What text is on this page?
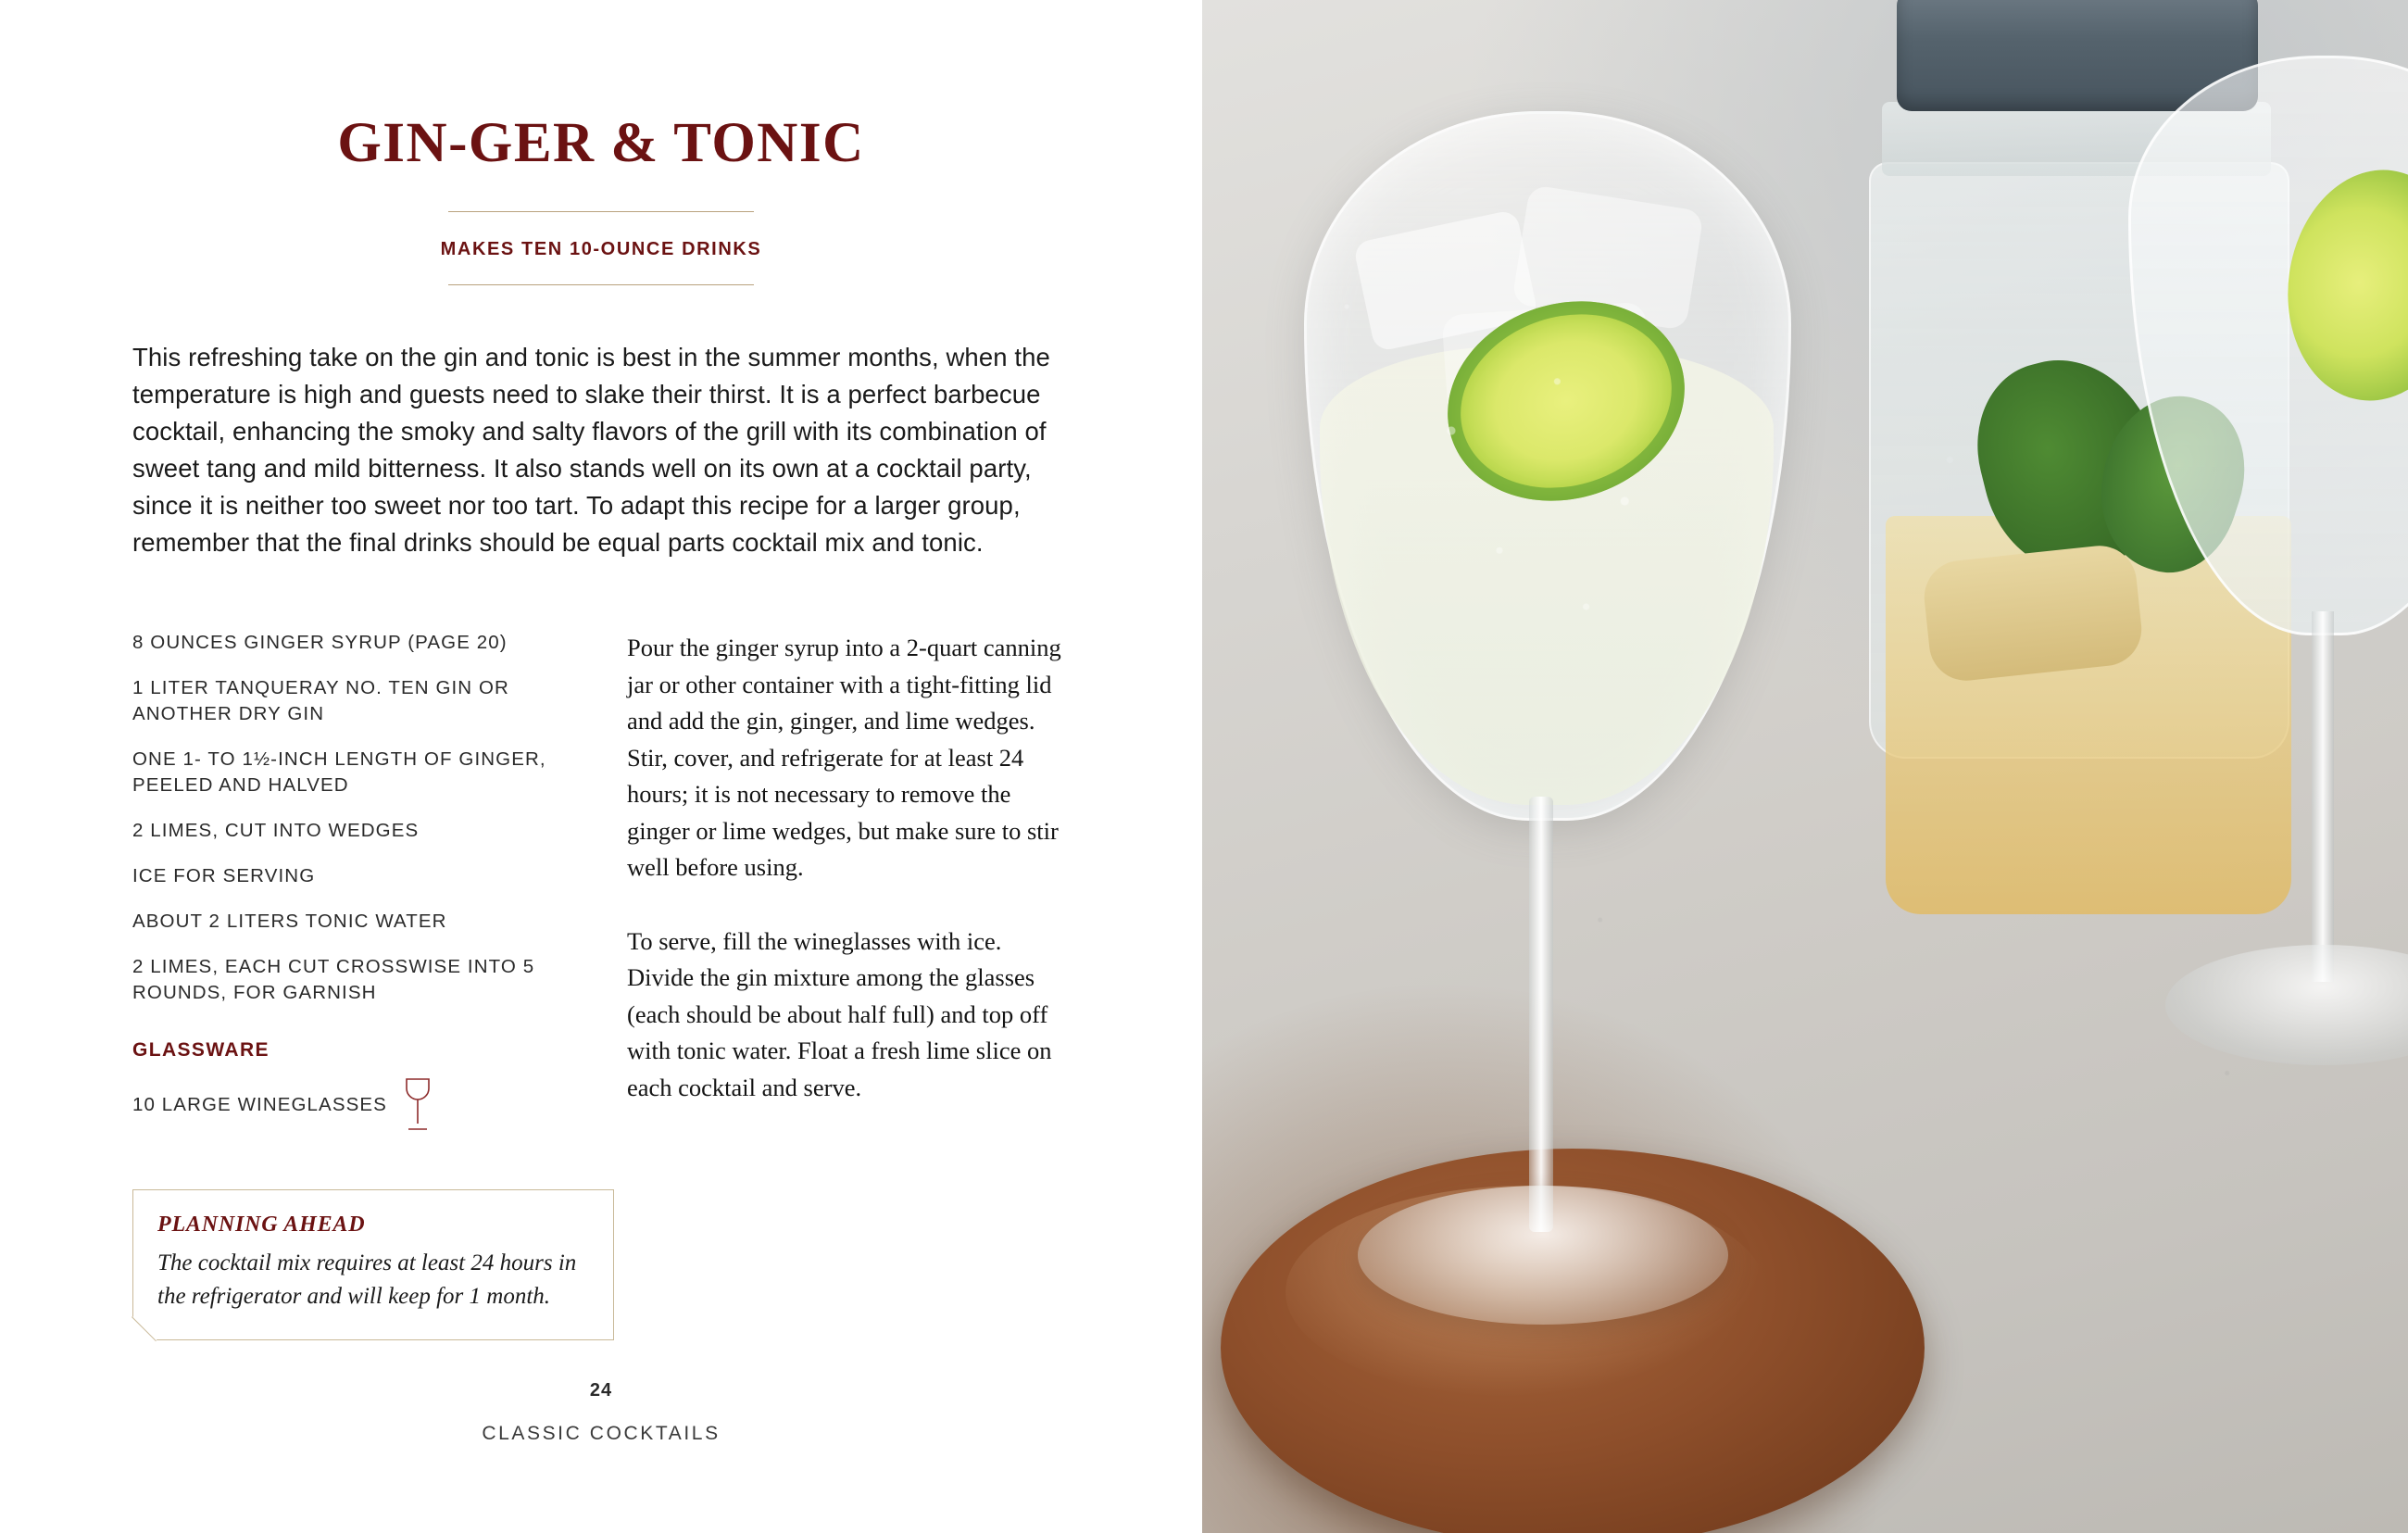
GIN-GER & TONIC
MAKES TEN 10-OUNCE DRINKS

This refreshing take on the gin and tonic is best in the summer months, when the temperature is high and guests need to slake their thirst. It is a perfect barbecue cocktail, enhancing the smoky and salty flavors of the grill with its combination of sweet tang and mild bitterness. It also stands well on its own at a cocktail party, since it is neither too sweet nor too tart. To adapt this recipe for a larger group, remember that the final drinks should be equal parts cocktail mix and tonic.

8 OUNCES GINGER SYRUP (PAGE 20)
1 LITER TANQUERAY NO. TEN GIN OR ANOTHER DRY GIN
ONE 1- TO 1½-INCH LENGTH OF GINGER, PEELED AND HALVED
2 LIMES, CUT INTO WEDGES
ICE FOR SERVING
ABOUT 2 LITERS TONIC WATER
2 LIMES, EACH CUT CROSSWISE INTO 5 ROUNDS, FOR GARNISH
GLASSWARE
10 LARGE WINEGLASSES
PLANNING AHEAD
The cocktail mix requires at least 24 hours in the refrigerator and will keep for 1 month.

Pour the ginger syrup into a 2-quart canning jar or other container with a tight-fitting lid and add the gin, ginger, and lime wedges. Stir, cover, and refrigerate for at least 24 hours; it is not necessary to remove the ginger or lime wedges, but make sure to stir well before using.

To serve, fill the wineglasses with ice. Divide the gin mixture among the glasses (each should be about half full) and top off with tonic water. Float a fresh lime slice on each cocktail and serve.

24
CLASSIC COCKTAILS
